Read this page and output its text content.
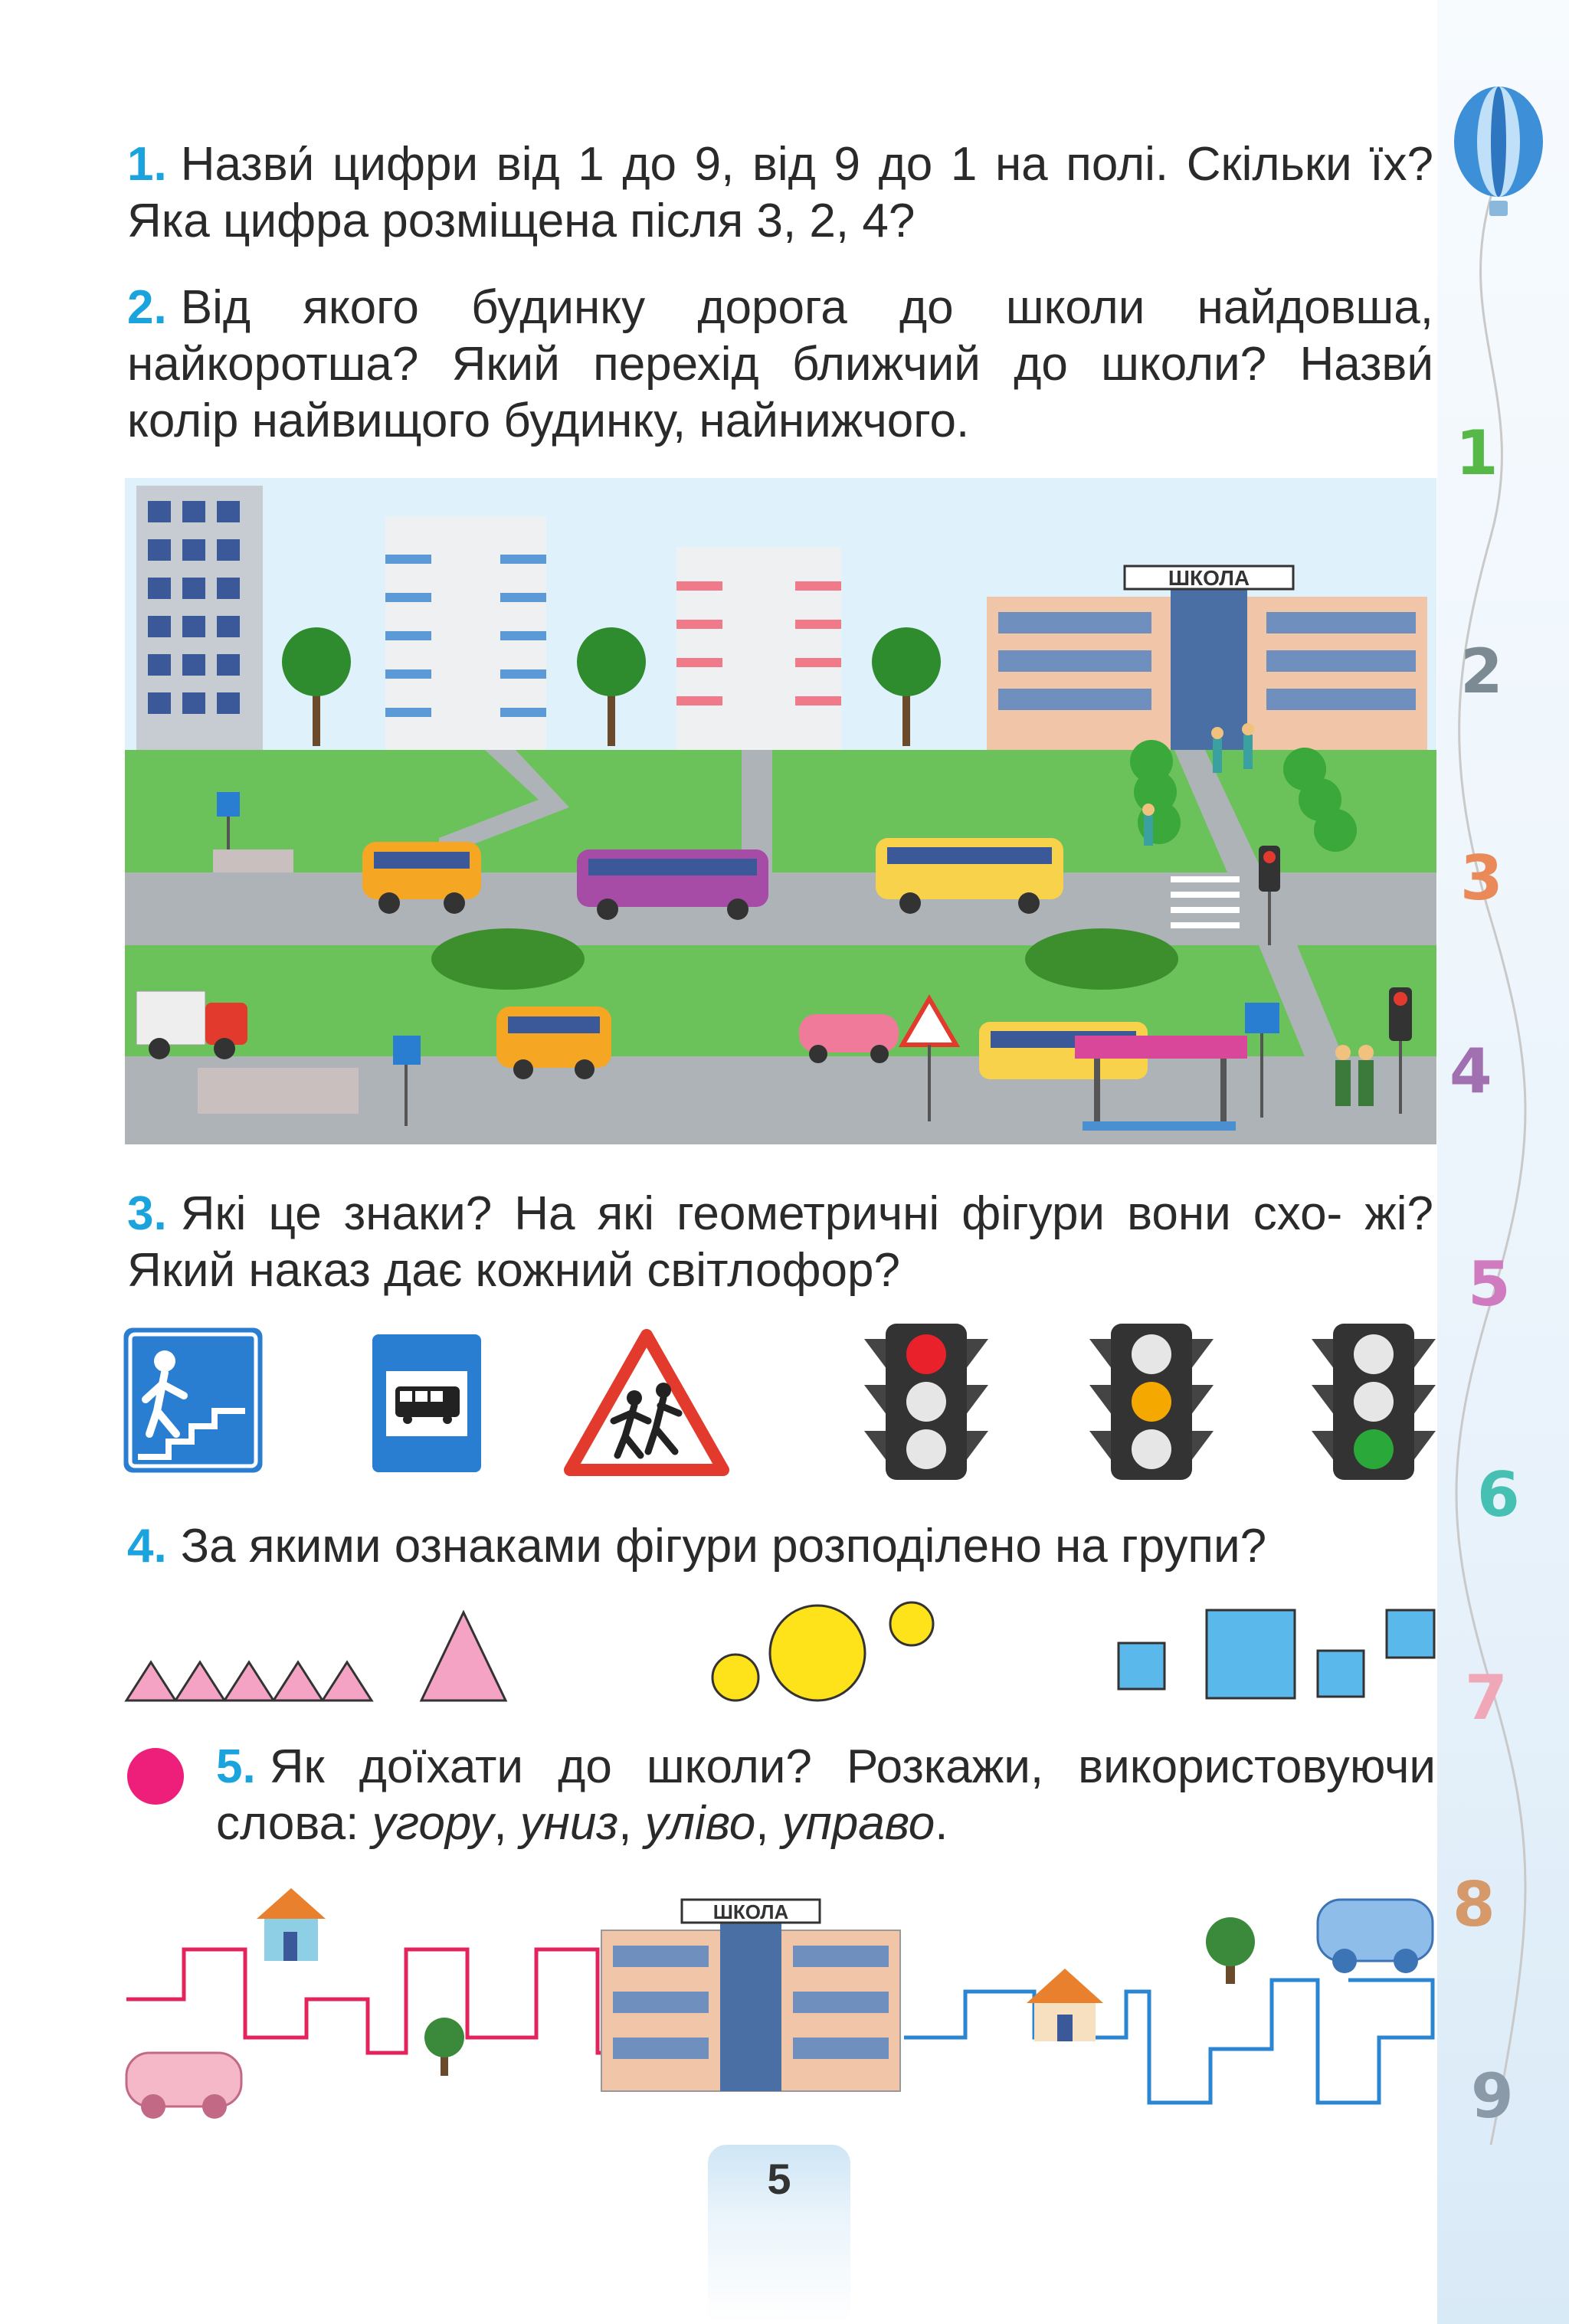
1
2
3
4
5
6
7
8
9
1. Назви́ цифри від 1 до 9, від 9 до 1 на полі. Скільки їх? Яка цифра розміщена після 3, 2, 4?
2. Від якого будинку дорога до школи найдовша, найкоротша? Який перехід ближчий до школи? Назви́ колір найвищого будинку, найнижчого.
ШКОЛА
3. Які це знаки? На які геометричні фігури вони схо- жі? Який наказ дає кожний світлофор?
4. За якими ознаками фігури розподілено на групи?
5. Як доїхати до школи? Розкажи, використовуючи слова: угору, униз, уліво, управо.
ШКОЛА
5
